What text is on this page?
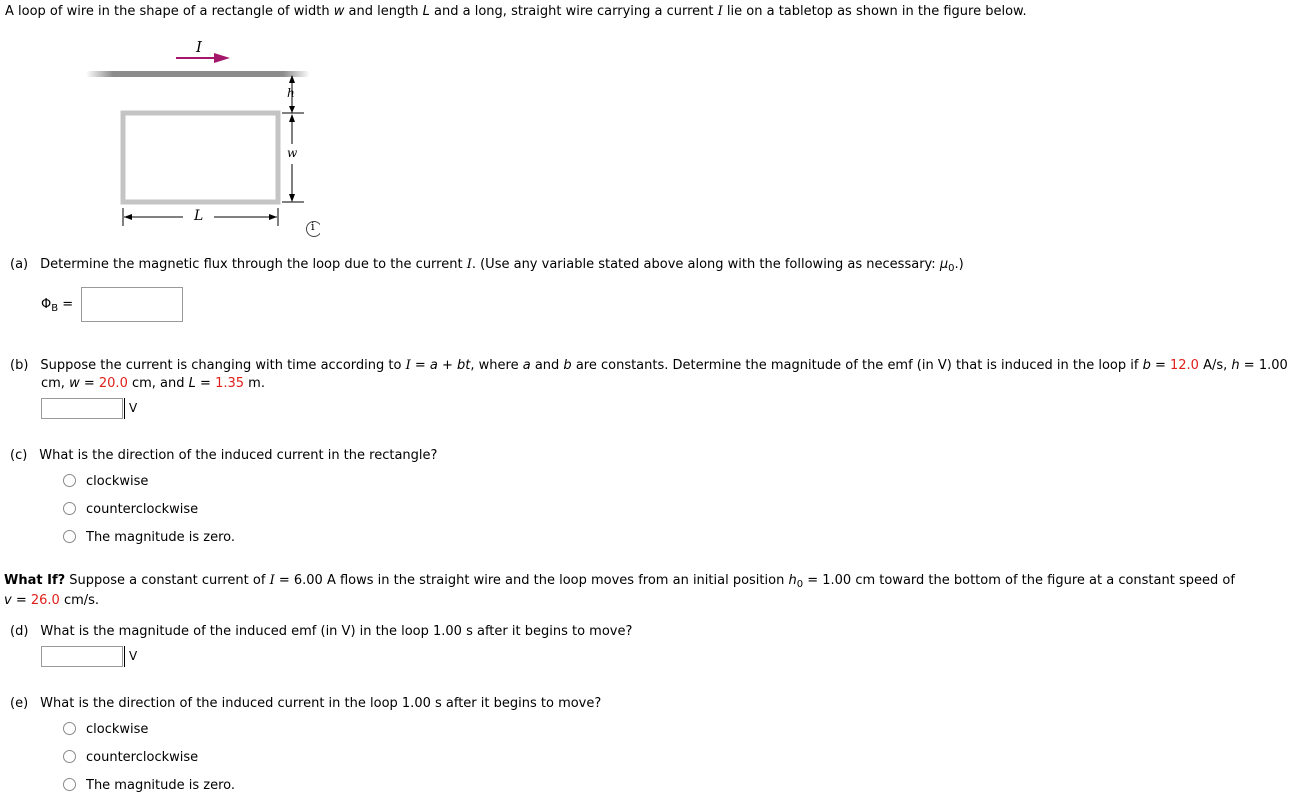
A loop of wire in the shape of a rectangle of width w and length L and a long, straight wire carrying a current I lie on a tabletop as shown in the figure below.
I
h
w
L
i
(a) Determine the magnetic flux through the loop due to the current I. (Use any variable stated above along with the following as necessary: $\mu_0$.)
$\Phi_B$ =
(b) Suppose the current is changing with time according to I = a + bt, where a and b are constants. Determine the magnitude of the emf (in V) that is induced in the loop if b = 12.0 A/s, h = 1.00
cm, w = 20.0 cm, and L = 1.35 m.
V
(c) What is the direction of the induced current in the rectangle?
clockwise
counterclockwise
The magnitude is zero.
What If? Suppose a constant current of I = 6.00 A flows in the straight wire and the loop moves from an initial position $h_0 = 1.00$ cm toward the bottom of the figure at a constant speed of
v = 26.0 cm/s.
(d) What is the magnitude of the induced emf (in V) in the loop 1.00 s after it begins to move?
V
(e) What is the direction of the induced current in the loop 1.00 s after it begins to move?
clockwise
counterclockwise
The magnitude is zero.
